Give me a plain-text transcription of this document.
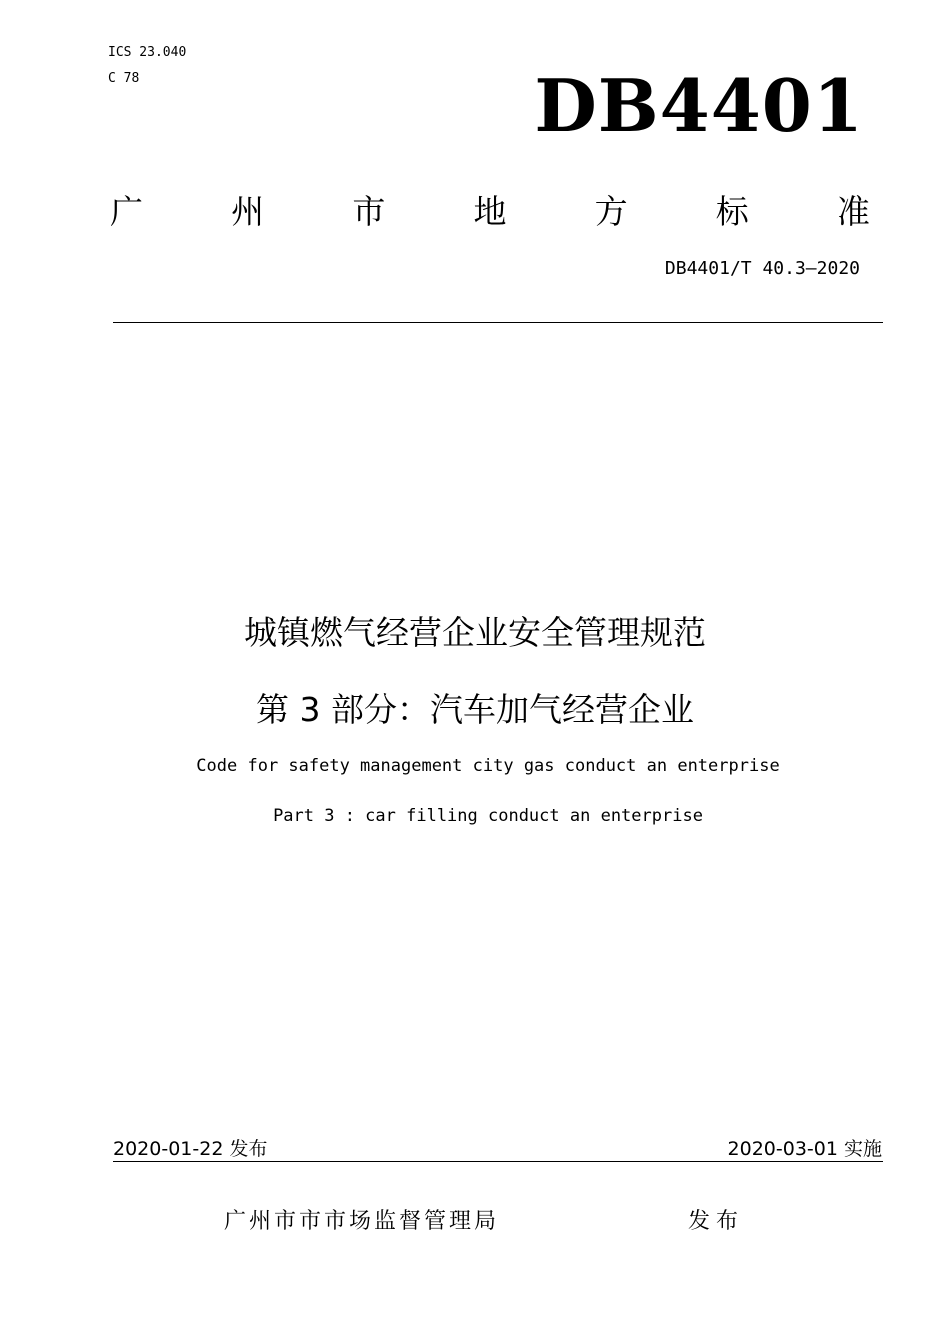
ICS 23.040
C 78	DB4401
广	州	市	地	方	标	准
DB4401/T 40.3—2020
城镇燃气经营企业安全管理规范
第 3 部分：汽车加气经营企业
Code for safety management city gas conduct an enterprise
Part 3 : car filling conduct an enterprise
2020-01-22 发布	2020-03-01 实施
广州市市市场监督管理局	发布
